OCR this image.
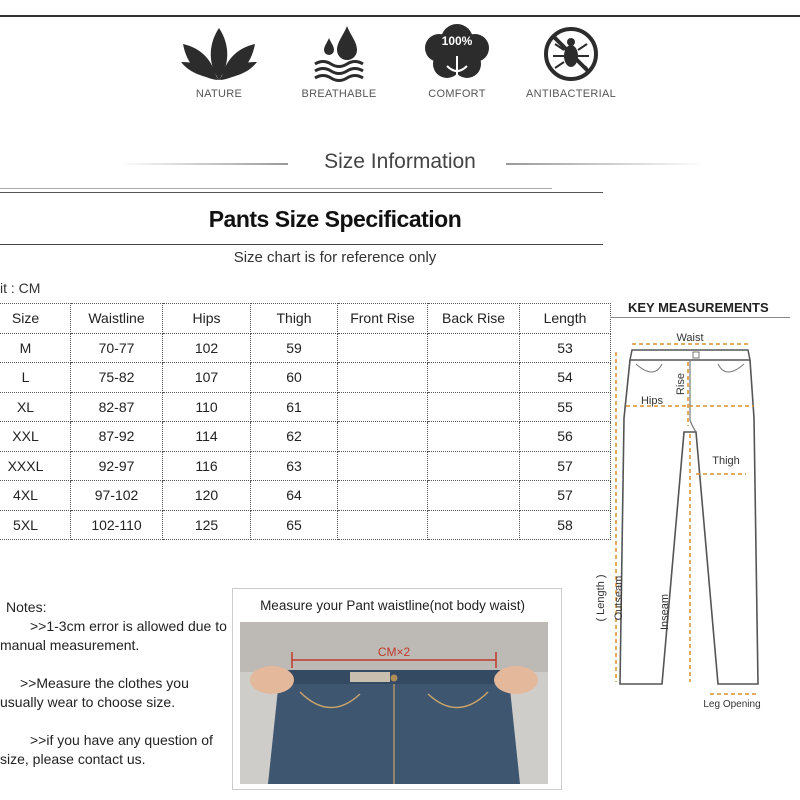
NATURE	BREATHABLE
100%
COMFORT	ANTIBACTERIAL
Size Information
Pants Size Specification
Size chart is for reference only
it : CM
Size	Waistline	Hips	Thigh	Front Rise	Back Rise	Length
M	70-77	102	59			53
L	75-82	107	60			54
XL	82-87	110	61			55
XXL	87-92	114	62			56
XXXL	92-97	116	63			57
4XL	97-102	120	64			57
5XL	102-110	125	65			58

Notes:

>>1-3cm error is allowed due to manual measurement.

>>Measure the clothes you usually wear to choose size.

>>if you have any question of size, please contact us.

Measure your Pant waistline(not body waist)
CM×2
KEY MEASUREMENTS
Waist
Hips
Rise
Thigh
( Length ) Outseam	Inseam
Leg Opening
